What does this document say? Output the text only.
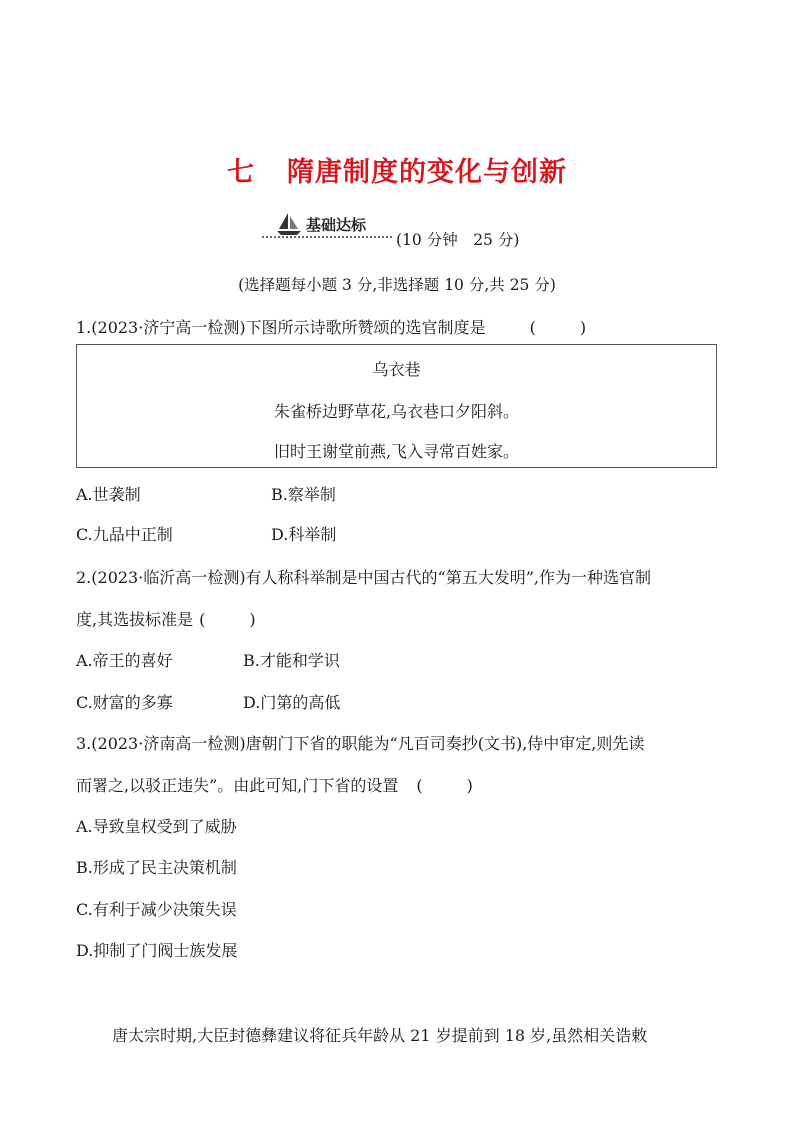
七 隋唐制度的变化与创新
基础达标
(10 分钟　25 分)
(选择题每小题 3 分,非选择题 10 分,共 25 分)
1.(2023·济宁高一检测)下图所示诗歌所赞颂的选官制度是	(	)
乌衣巷
朱雀桥边野草花,乌衣巷口夕阳斜。
旧时王谢堂前燕,飞入寻常百姓家。
A.世袭制	B.察举制
C.九品中正制	D.科举制
2.(2023·临沂高一检测)有人称科举制是中国古代的“第五大发明”,作为一种选官制
度,其选拔标准是 (	)
A.帝王的喜好	B.才能和学识
C.财富的多寡	D.门第的高低
3.(2023·济南高一检测)唐朝门下省的职能为“凡百司奏抄(文书),侍中审定,则先读
而署之,以驳正违失”。由此可知,门下省的设置 (	)
A.导致皇权受到了威胁
B.形成了民主决策机制
C.有利于减少决策失误
D.抑制了门阀士族发展
唐太宗时期,大臣封德彝建议将征兵年龄从 21 岁提前到 18 岁,虽然相关诰敕
